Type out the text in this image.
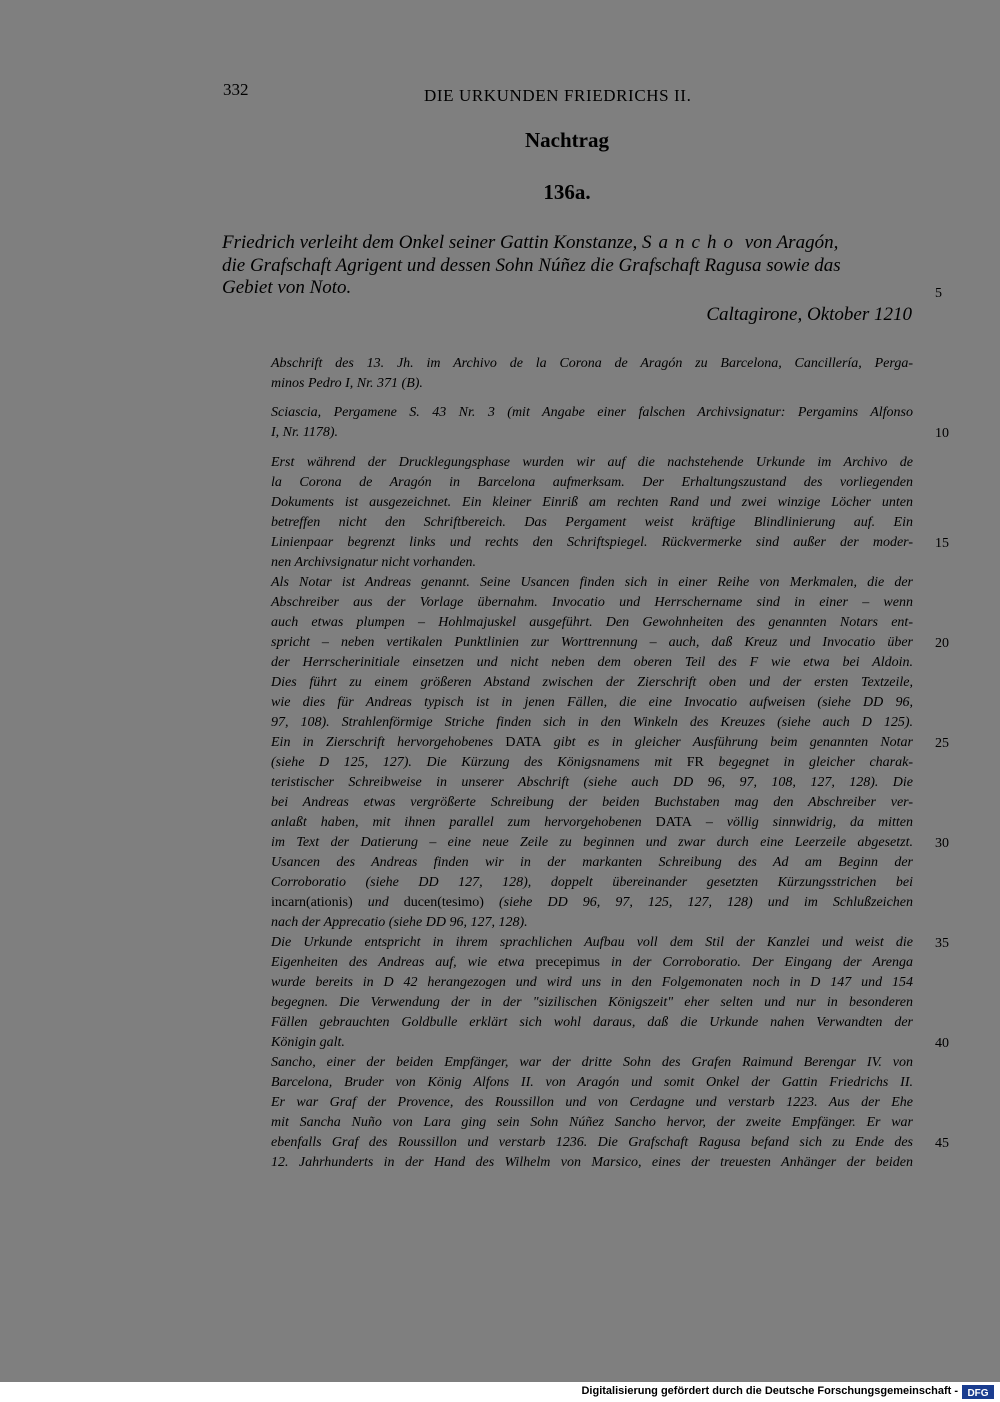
332	DIE URKUNDEN FRIEDRICHS II.
Nachtrag
136a.
Friedrich verleiht dem Onkel seiner Gattin Konstanze, Sancho von Aragón,
die Grafschaft Agrigent und dessen Sohn Núñez die Grafschaft Ragusa sowie das
Gebiet von Noto.
Caltagirone, Oktober 1210
Abschrift des 13. Jh. im Archivo de la Corona de Aragón zu Barcelona, Cancillería, Perga-
minos Pedro I, Nr. 371 (B).
Sciascia, Pergamene S. 43 Nr. 3 (mit Angabe einer falschen Archivsignatur: Pergamins Alfonso
I, Nr. 1178).
Erst während der Drucklegungsphase wurden wir auf die nachstehende Urkunde im Archivo de
la Corona de Aragón in Barcelona aufmerksam. Der Erhaltungszustand des vorliegenden
Dokuments ist ausgezeichnet. Ein kleiner Einriß am rechten Rand und zwei winzige Löcher unten
betreffen nicht den Schriftbereich. Das Pergament weist kräftige Blindlinierung auf. Ein
Linienpaar begrenzt links und rechts den Schriftspiegel. Rückvermerke sind außer der moder-
nen Archivsignatur nicht vorhanden.
Als Notar ist Andreas genannt. Seine Usancen finden sich in einer Reihe von Merkmalen, die der
Abschreiber aus der Vorlage übernahm. Invocatio und Herrschername sind in einer – wenn
auch etwas plumpen – Hohlmajuskel ausgeführt. Den Gewohnheiten des genannten Notars ent-
spricht – neben vertikalen Punktlinien zur Worttrennung – auch, daß Kreuz und Invocatio über
der Herrscherinitiale einsetzen und nicht neben dem oberen Teil des F wie etwa bei Aldoin.
Dies führt zu einem größeren Abstand zwischen der Zierschrift oben und der ersten Textzeile,
wie dies für Andreas typisch ist in jenen Fällen, die eine Invocatio aufweisen (siehe DD 96,
97, 108). Strahlenförmige Striche finden sich in den Winkeln des Kreuzes (siehe auch D 125).
Ein in Zierschrift hervorgehobenes DATA gibt es in gleicher Ausführung beim genannten Notar
(siehe D 125, 127). Die Kürzung des Königsnamens mit FR begegnet in gleicher charak-
teristischer Schreibweise in unserer Abschrift (siehe auch DD 96, 97, 108, 127, 128). Die
bei Andreas etwas vergrößerte Schreibung der beiden Buchstaben mag den Abschreiber ver-
anlaßt haben, mit ihnen parallel zum hervorgehobenen DATA – völlig sinnwidrig, da mitten
im Text der Datierung – eine neue Zeile zu beginnen und zwar durch eine Leerzeile abgesetzt.
Usancen des Andreas finden wir in der markanten Schreibung des Ad am Beginn der
Corroboratio (siehe DD 127, 128), doppelt übereinander gesetzten Kürzungsstrichen bei
incarn(ationis) und ducen(tesimo) (siehe DD 96, 97, 125, 127, 128) und im Schlußzeichen
nach der Apprecatio (siehe DD 96, 127, 128).
Die Urkunde entspricht in ihrem sprachlichen Aufbau voll dem Stil der Kanzlei und weist die
Eigenheiten des Andreas auf, wie etwa precepimus in der Corroboratio. Der Eingang der Arenga
wurde bereits in D 42 herangezogen und wird uns in den Folgemonaten noch in D 147 und 154
begegnen. Die Verwendung der in der "sizilischen Königszeit" eher selten und nur in besonderen
Fällen gebrauchten Goldbulle erklärt sich wohl daraus, daß die Urkunde nahen Verwandten der
Königin galt.
Sancho, einer der beiden Empfänger, war der dritte Sohn des Grafen Raimund Berengar IV. von
Barcelona, Bruder von König Alfons II. von Aragón und somit Onkel der Gattin Friedrichs II.
Er war Graf der Provence, des Roussillon und von Cerdagne und verstarb 1223. Aus der Ehe
mit Sancha Nuño von Lara ging sein Sohn Núñez Sancho hervor, der zweite Empfänger. Er war
ebenfalls Graf des Roussillon und verstarb 1236. Die Grafschaft Ragusa befand sich zu Ende des
12. Jahrhunderts in der Hand des Wilhelm von Marsico, eines der treuesten Anhänger der beiden
5
10
15
20
25
30
35
40
45
Digitalisierung gefördert durch die Deutsche Forschungsgemeinschaft - DFG
